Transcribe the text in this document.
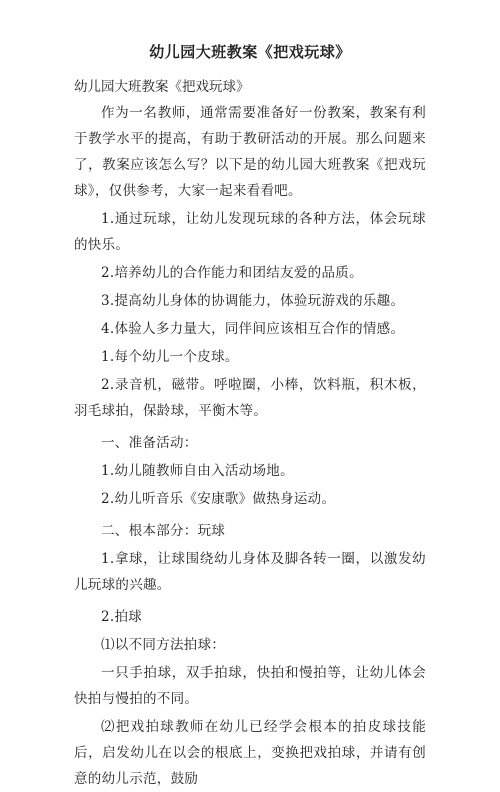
幼儿园大班教案《把戏玩球》
幼儿园大班教案《把戏玩球》

作为一名教师，通常需要准备好一份教案，教案有利于教学水平的提高，有助于教研活动的开展。那么问题来了，教案应该怎么写？以下是的幼儿园大班教案《把戏玩球》，仅供参考，大家一起来看看吧。

1.通过玩球，让幼儿发现玩球的各种方法，体会玩球的快乐。

2.培养幼儿的合作能力和团结友爱的品质。

3.提高幼儿身体的协调能力，体验玩游戏的乐趣。

4.体验人多力量大，同伴间应该相互合作的情感。

1.每个幼儿一个皮球。

2.录音机，磁带。呼啦圈，小棒，饮料瓶，积木板，羽毛球拍，保龄球，平衡木等。

一、准备活动：

1.幼儿随教师自由入活动场地。

2.幼儿听音乐《安康歌》做热身运动。

二、根本部分：玩球

1.拿球，让球围绕幼儿身体及脚各转一圈，以激发幼儿玩球的兴趣。

2.拍球

⑴以不同方法拍球：

一只手拍球，双手拍球，快拍和慢拍等，让幼儿体会快拍与慢拍的不同。

⑵把戏拍球教师在幼儿已经学会根本的拍皮球技能后，启发幼儿在以会的根底上，变换把戏拍球，并请有创意的幼儿示范，鼓励
